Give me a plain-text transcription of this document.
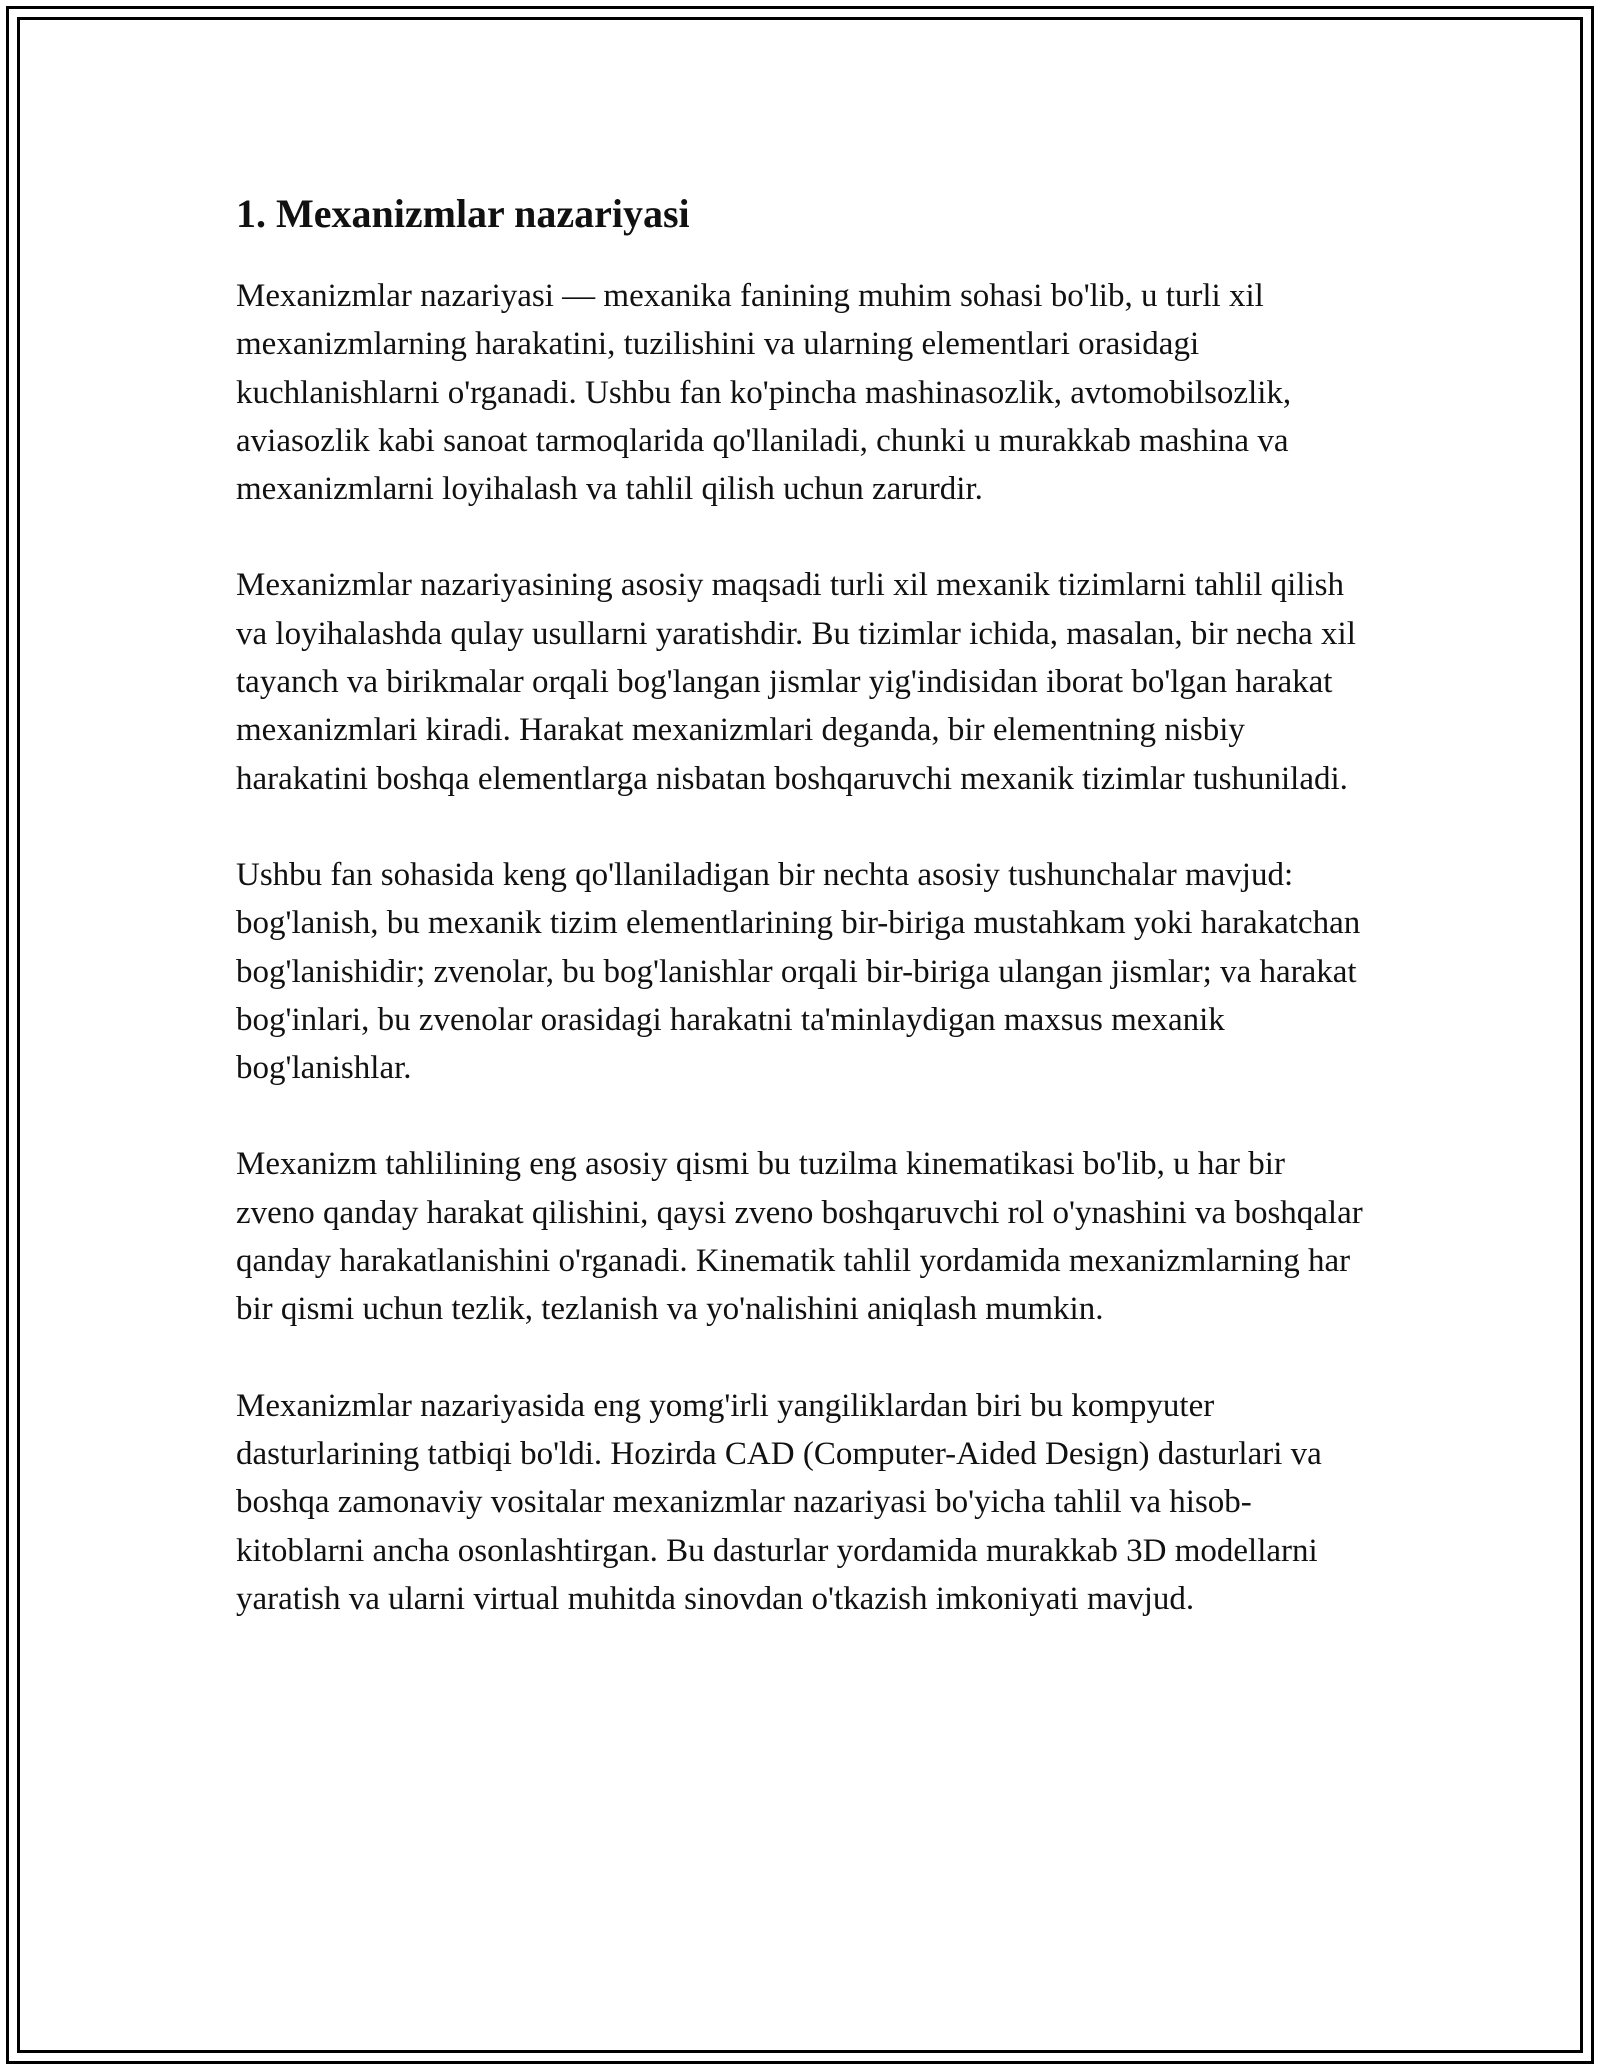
1. Mexanizmlar nazariyasi

Mexanizmlar nazariyasi — mexanika fanining muhim sohasi bo'lib, u turli xil mexanizmlarning harakatini, tuzilishini va ularning elementlari orasidagi kuchlanishlarni o'rganadi. Ushbu fan ko'pincha mashinasozlik, avtomobilsozlik, aviasozlik kabi sanoat tarmoqlarida qo'llaniladi, chunki u murakkab mashina va mexanizmlarni loyihalash va tahlil qilish uchun zarurdir.

Mexanizmlar nazariyasining asosiy maqsadi turli xil mexanik tizimlarni tahlil qilish va loyihalashda qulay usullarni yaratishdir. Bu tizimlar ichida, masalan, bir necha xil tayanch va birikmalar orqali bog'langan jismlar yig'indisidan iborat bo'lgan harakat mexanizmlari kiradi. Harakat mexanizmlari deganda, bir elementning nisbiy harakatini boshqa elementlarga nisbatan boshqaruvchi mexanik tizimlar tushuniladi.

Ushbu fan sohasida keng qo'llaniladigan bir nechta asosiy tushunchalar mavjud: bog'lanish, bu mexanik tizim elementlarining bir-biriga mustahkam yoki harakatchan bog'lanishidir; zvenolar, bu bog'lanishlar orqali bir-biriga ulangan jismlar; va harakat bog'inlari, bu zvenolar orasidagi harakatni ta'minlaydigan maxsus mexanik bog'lanishlar.

Mexanizm tahlilining eng asosiy qismi bu tuzilma kinematikasi bo'lib, u har bir zveno qanday harakat qilishini, qaysi zveno boshqaruvchi rol o'ynashini va boshqalar qanday harakatlanishini o'rganadi. Kinematik tahlil yordamida mexanizmlarning har bir qismi uchun tezlik, tezlanish va yo'nalishini aniqlash mumkin.

Mexanizmlar nazariyasida eng yomg'irli yangiliklardan biri bu kompyuter dasturlarining tatbiqi bo'ldi. Hozirda CAD (Computer-Aided Design) dasturlari va boshqa zamonaviy vositalar mexanizmlar nazariyasi bo'yicha tahlil va hisob-kitoblarni ancha osonlashtirgan. Bu dasturlar yordamida murakkab 3D modellarni yaratish va ularni virtual muhitda sinovdan o'tkazish imkoniyati mavjud.
